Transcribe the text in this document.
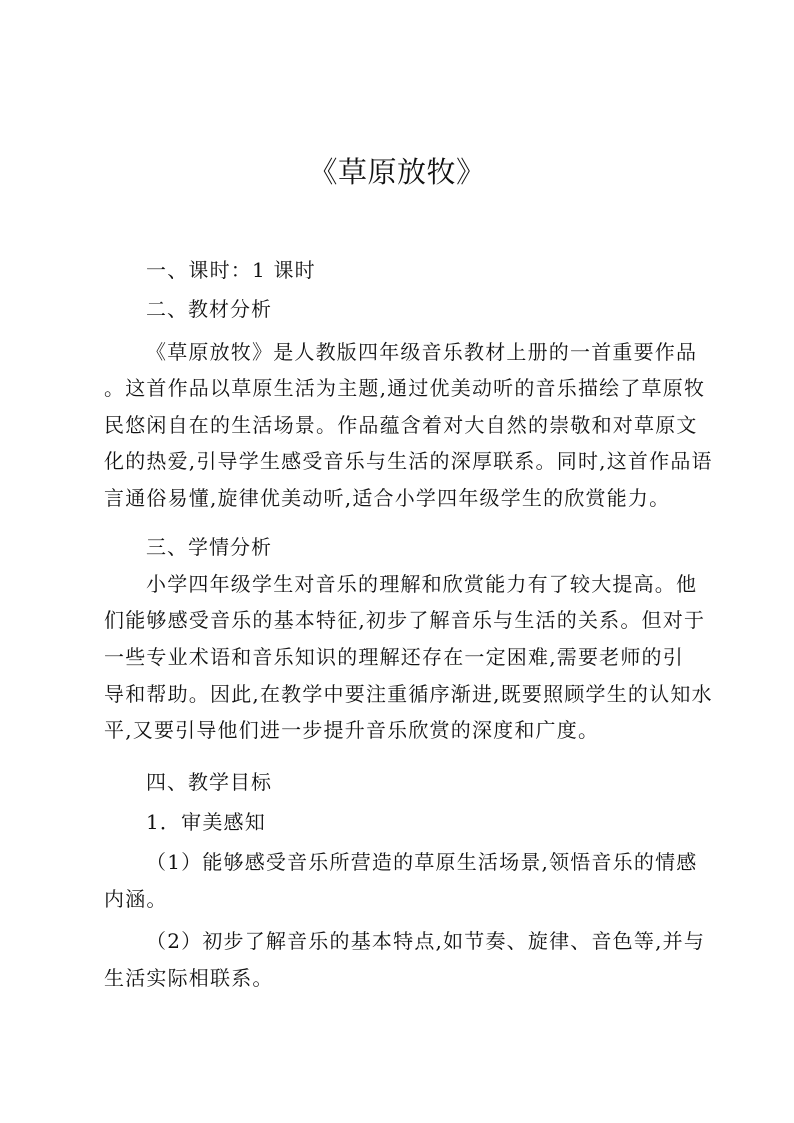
《草原放牧》
一、课时：1 课时
二、教材分析
《草原放牧》是人教版四年级音乐教材上册的一首重要作品
。这首作品以草原生活为主题,通过优美动听的音乐描绘了草原牧
民悠闲自在的生活场景。作品蕴含着对大自然的崇敬和对草原文
化的热爱,引导学生感受音乐与生活的深厚联系。同时,这首作品语
言通俗易懂,旋律优美动听,适合小学四年级学生的欣赏能力。
三、学情分析
小学四年级学生对音乐的理解和欣赏能力有了较大提高。他
们能够感受音乐的基本特征,初步了解音乐与生活的关系。但对于
一些专业术语和音乐知识的理解还存在一定困难,需要老师的引
导和帮助。因此,在教学中要注重循序渐进,既要照顾学生的认知水
平,又要引导他们进一步提升音乐欣赏的深度和广度。
四、教学目标
1．审美感知
（1）能够感受音乐所营造的草原生活场景,领悟音乐的情感
内涵。
（2）初步了解音乐的基本特点,如节奏、旋律、音色等,并与
生活实际相联系。
